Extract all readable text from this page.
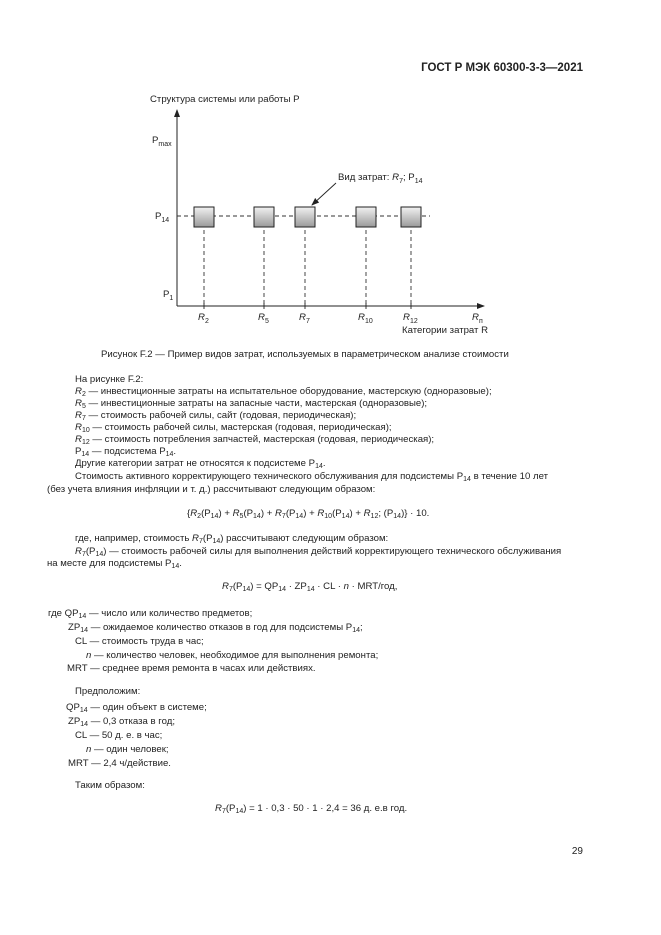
ГОСТ Р МЭК 60300-3-3—2021
Структура системы или работы P
$P_{max}$
$P_{14}$
$P_1$
Вид затрат: $R_7$; $P_{14}$
$R_2$	$R_5$	$R_7$	$R_{10}$	$R_{12}$	$R_п$
Категории затрат R
Рисунок F.2 — Пример видов затрат, используемых в параметрическом анализе стоимости
На рисунке F.2:
$R_2$ — инвестиционные затраты на испытательное оборудование, мастерскую (одноразовые);
$R_5$ — инвестиционные затраты на запасные части, мастерская (одноразовые);
$R_7$ — стоимость рабочей силы, сайт (годовая, периодическая);
$R_{10}$ — стоимость рабочей силы, мастерская (годовая, периодическая);
$R_{12}$ — стоимость потребления запчастей, мастерская (годовая, периодическая);
$P_{14}$ — подсистема $P_{14}$.
Другие категории затрат не относятся к подсистеме $P_{14}$.
Стоимость активного корректирующего технического обслуживания для подсистемы $P_{14}$ в течение 10 лет
(без учета влияния инфляции и т. д.) рассчитывают следующим образом:
{$R_2(P_{14}) + R_5(P_{14}) + R_7(P_{14}) + R_{10}(P_{14}) + R_{12}$; $(P_{14})\} \cdot 10$.
где, например, стоимость $R_7(P_{14})$ рассчитывают следующим образом:
$R_7(P_{14})$ — стоимость рабочей силы для выполнения действий корректирующего технического обслуживания
на месте для подсистемы $P_{14}$.
$R_7(P_{14}) = QP_{14} \cdot ZP_{14}$ · CL · n · MRT/год,
где $QP_{14}$ — число или количество предметов;
$ZP_{14}$ — ожидаемое количество отказов в год для подсистемы $P_{14}$;
CL — стоимость труда в час;
n — количество человек, необходимое для выполнения ремонта;
MRT — среднее время ремонта в часах или действиях.
Предположим:
$QP_{14}$ — один объект в системе;
$ZP_{14}$ — 0,3 отказа в год;
CL — 50 д. е. в час;
n — один человек;
MRT — 2,4 ч/действие.
Таким образом:
$R_7(P_{14}) = 1 \cdot 0,3 \cdot 50 \cdot 1 \cdot 2,4 = 36$ д. е.в год.
29
